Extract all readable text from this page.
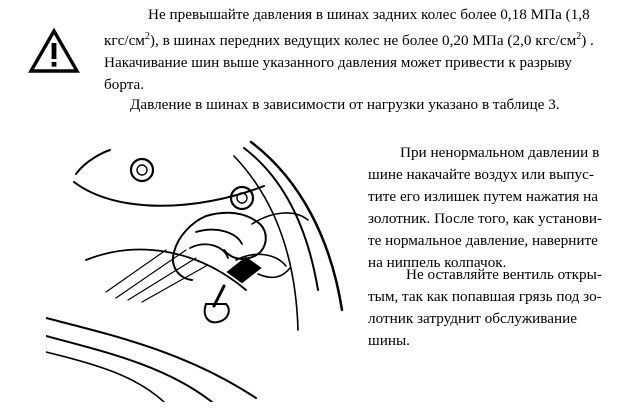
Не превышайте давления в шинах задних колес более 0,18 МПа (1,8
кгс/$см^2$), в шинах передних ведущих колес не более 0,20 МПа (2,0 кгс/$см^2$) .
Накачивание шин выше указанного давления может привести к разрыву
борта.

Давление в шинах в зависимости от нагрузки указано в таблице 3.

При ненормальном давлении в
шине накачайте воздух или выпус-
тите его излишек путем нажатия на
золотник. После того, как установи-
те нормальное давление, наверните
на ниппель колпачок.
Не оставляйте вентиль откры-
тым, так как попавшая грязь под зо-
лотник затруднит обслуживание
шины.
